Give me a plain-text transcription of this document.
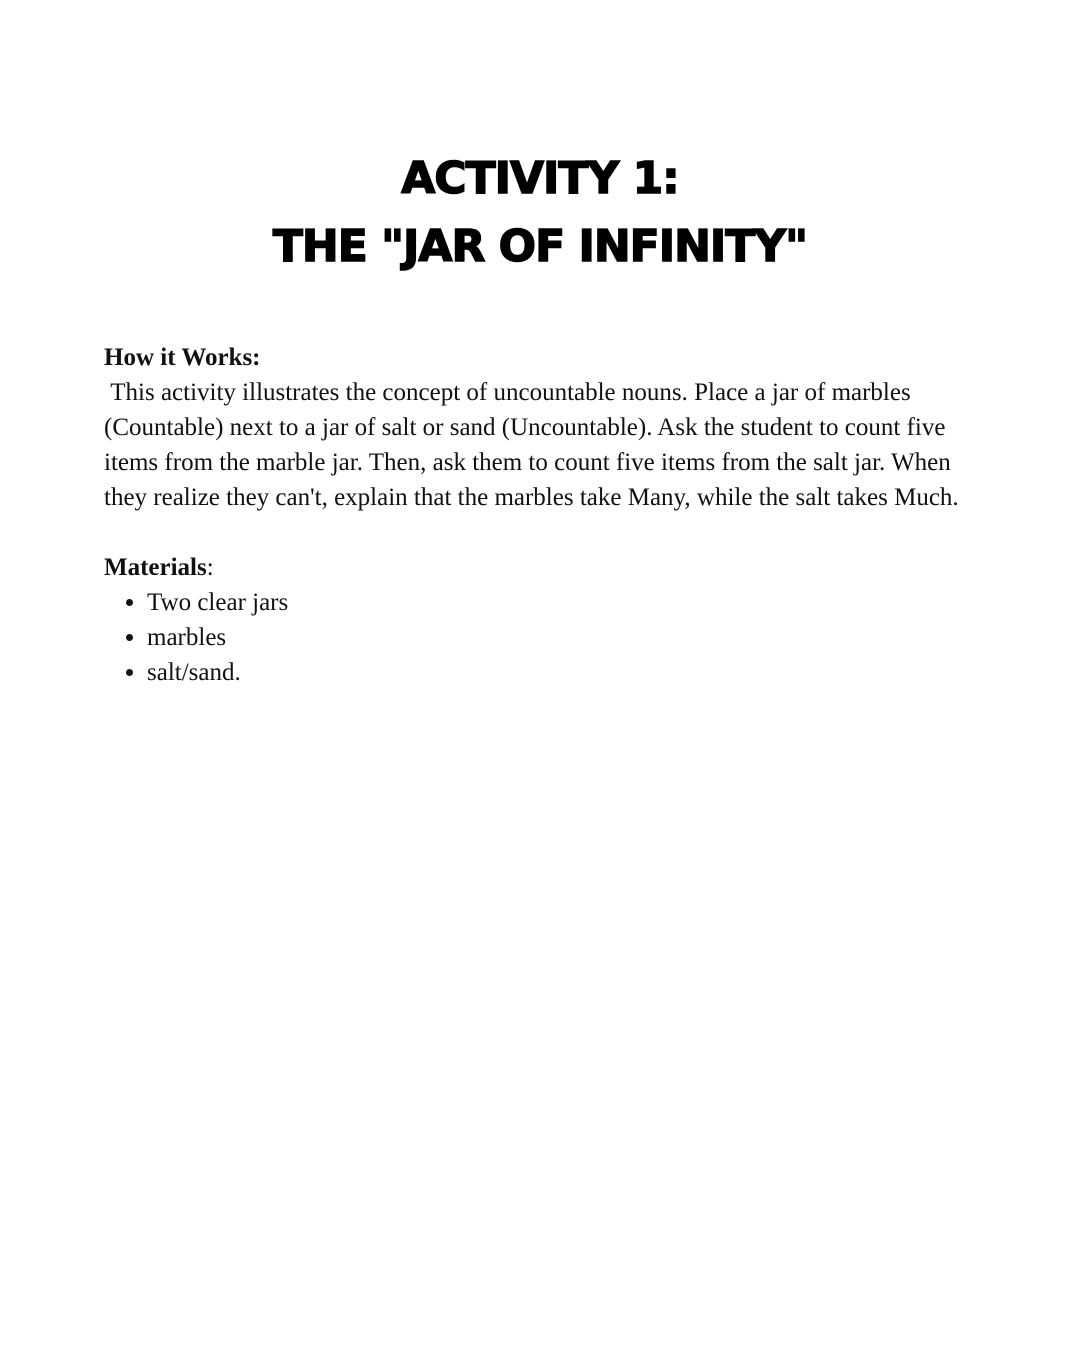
ACTIVITY 1:
THE "JAR OF INFINITY"

How it Works:

This activity illustrates the concept of uncountable nouns. Place a jar of marbles (Countable) next to a jar of salt or sand (Uncountable). Ask the student to count five items from the marble jar. Then, ask them to count five items from the salt jar. When they realize they can't, explain that the marbles take Many, while the salt takes Much.

Materials:
• Two clear jars
• marbles
• salt/sand.
